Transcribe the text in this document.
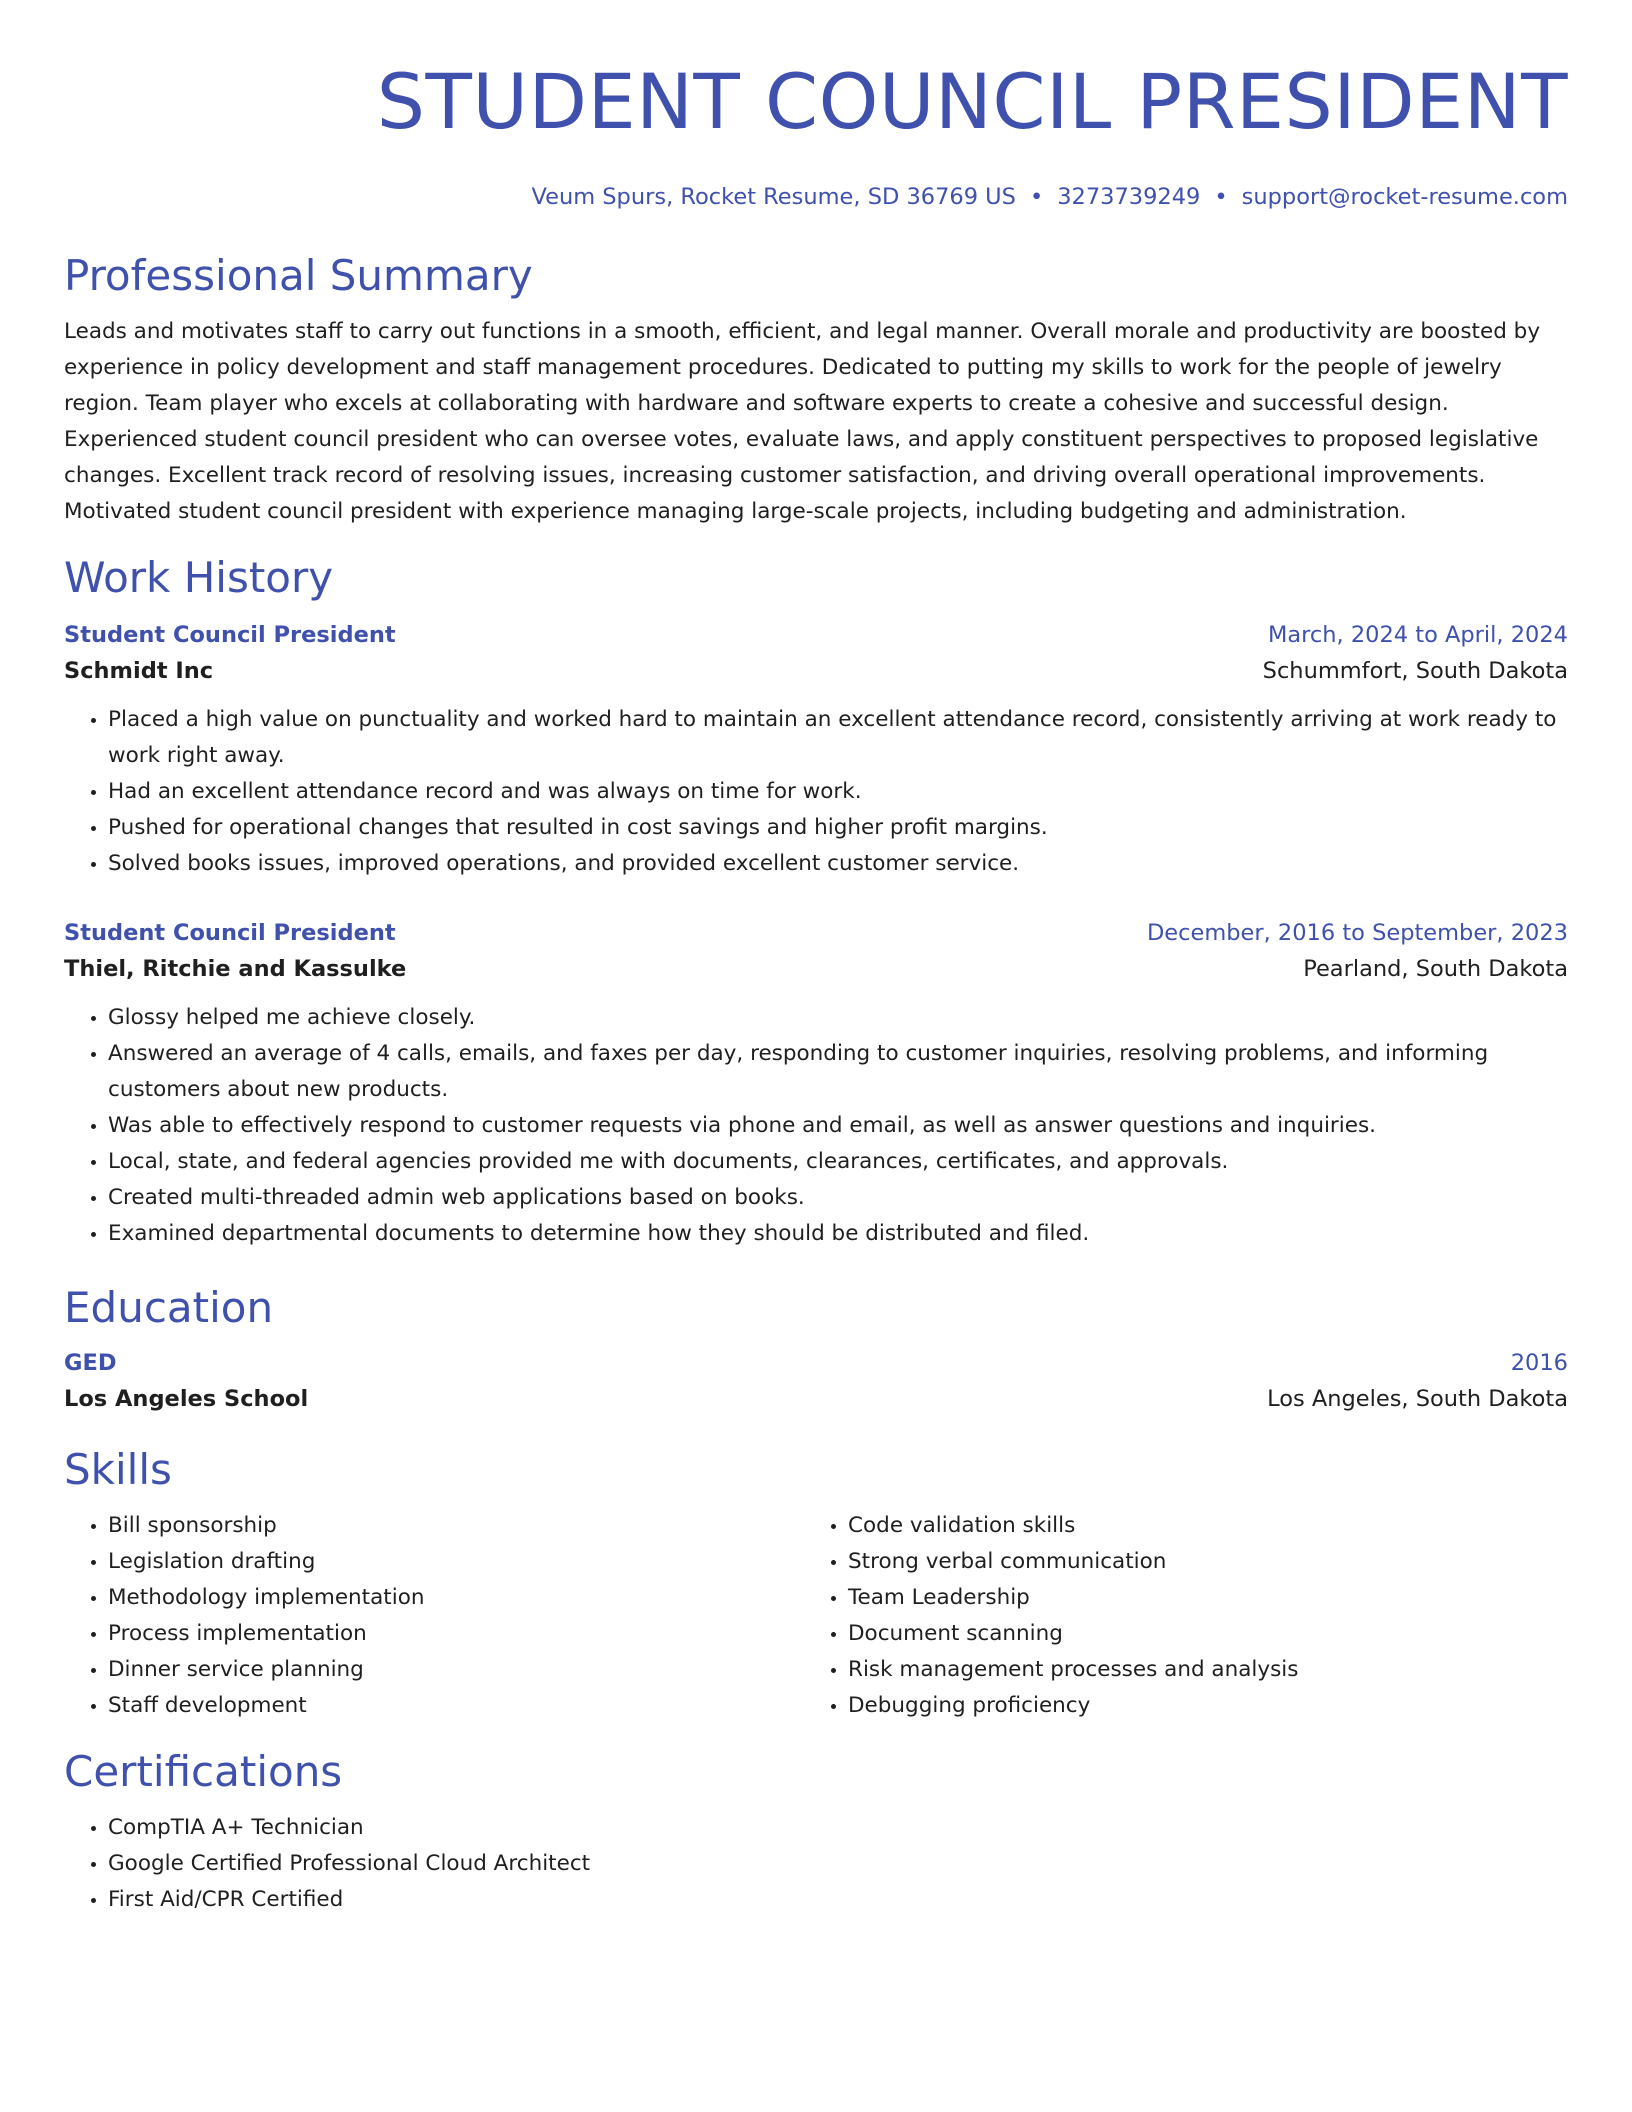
STUDENT COUNCIL PRESIDENT
Veum Spurs, Rocket Resume, SD 36769 US • 3273739249 • support@rocket-resume.com
Professional Summary
Leads and motivates staff to carry out functions in a smooth, efficient, and legal manner. Overall morale and productivity are boosted by experience in policy development and staff management procedures. Dedicated to putting my skills to work for the people of jewelry region. Team player who excels at collaborating with hardware and software experts to create a cohesive and successful design. Experienced student council president who can oversee votes, evaluate laws, and apply constituent perspectives to proposed legislative changes. Excellent track record of resolving issues, increasing customer satisfaction, and driving overall operational improvements. Motivated student council president with experience managing large-scale projects, including budgeting and administration.
Work History
Student Council President	March, 2024 to April, 2024
Schmidt Inc	Schummfort, South Dakota
• Placed a high value on punctuality and worked hard to maintain an excellent attendance record, consistently arriving at work ready to work right away.
• Had an excellent attendance record and was always on time for work.
• Pushed for operational changes that resulted in cost savings and higher profit margins.
• Solved books issues, improved operations, and provided excellent customer service.
Student Council President	December, 2016 to September, 2023
Thiel, Ritchie and Kassulke	Pearland, South Dakota
• Glossy helped me achieve closely.
• Answered an average of 4 calls, emails, and faxes per day, responding to customer inquiries, resolving problems, and informing customers about new products.
• Was able to effectively respond to customer requests via phone and email, as well as answer questions and inquiries.
• Local, state, and federal agencies provided me with documents, clearances, certificates, and approvals.
• Created multi-threaded admin web applications based on books.
• Examined departmental documents to determine how they should be distributed and filed.
Education
GED	2016
Los Angeles School	Los Angeles, South Dakota
Skills
• Bill sponsorship
• Legislation drafting
• Methodology implementation
• Process implementation
• Dinner service planning
• Staff development
• Code validation skills
• Strong verbal communication
• Team Leadership
• Document scanning
• Risk management processes and analysis
• Debugging proficiency
Certifications
• CompTIA A+ Technician
• Google Certified Professional Cloud Architect
• First Aid/CPR Certified
